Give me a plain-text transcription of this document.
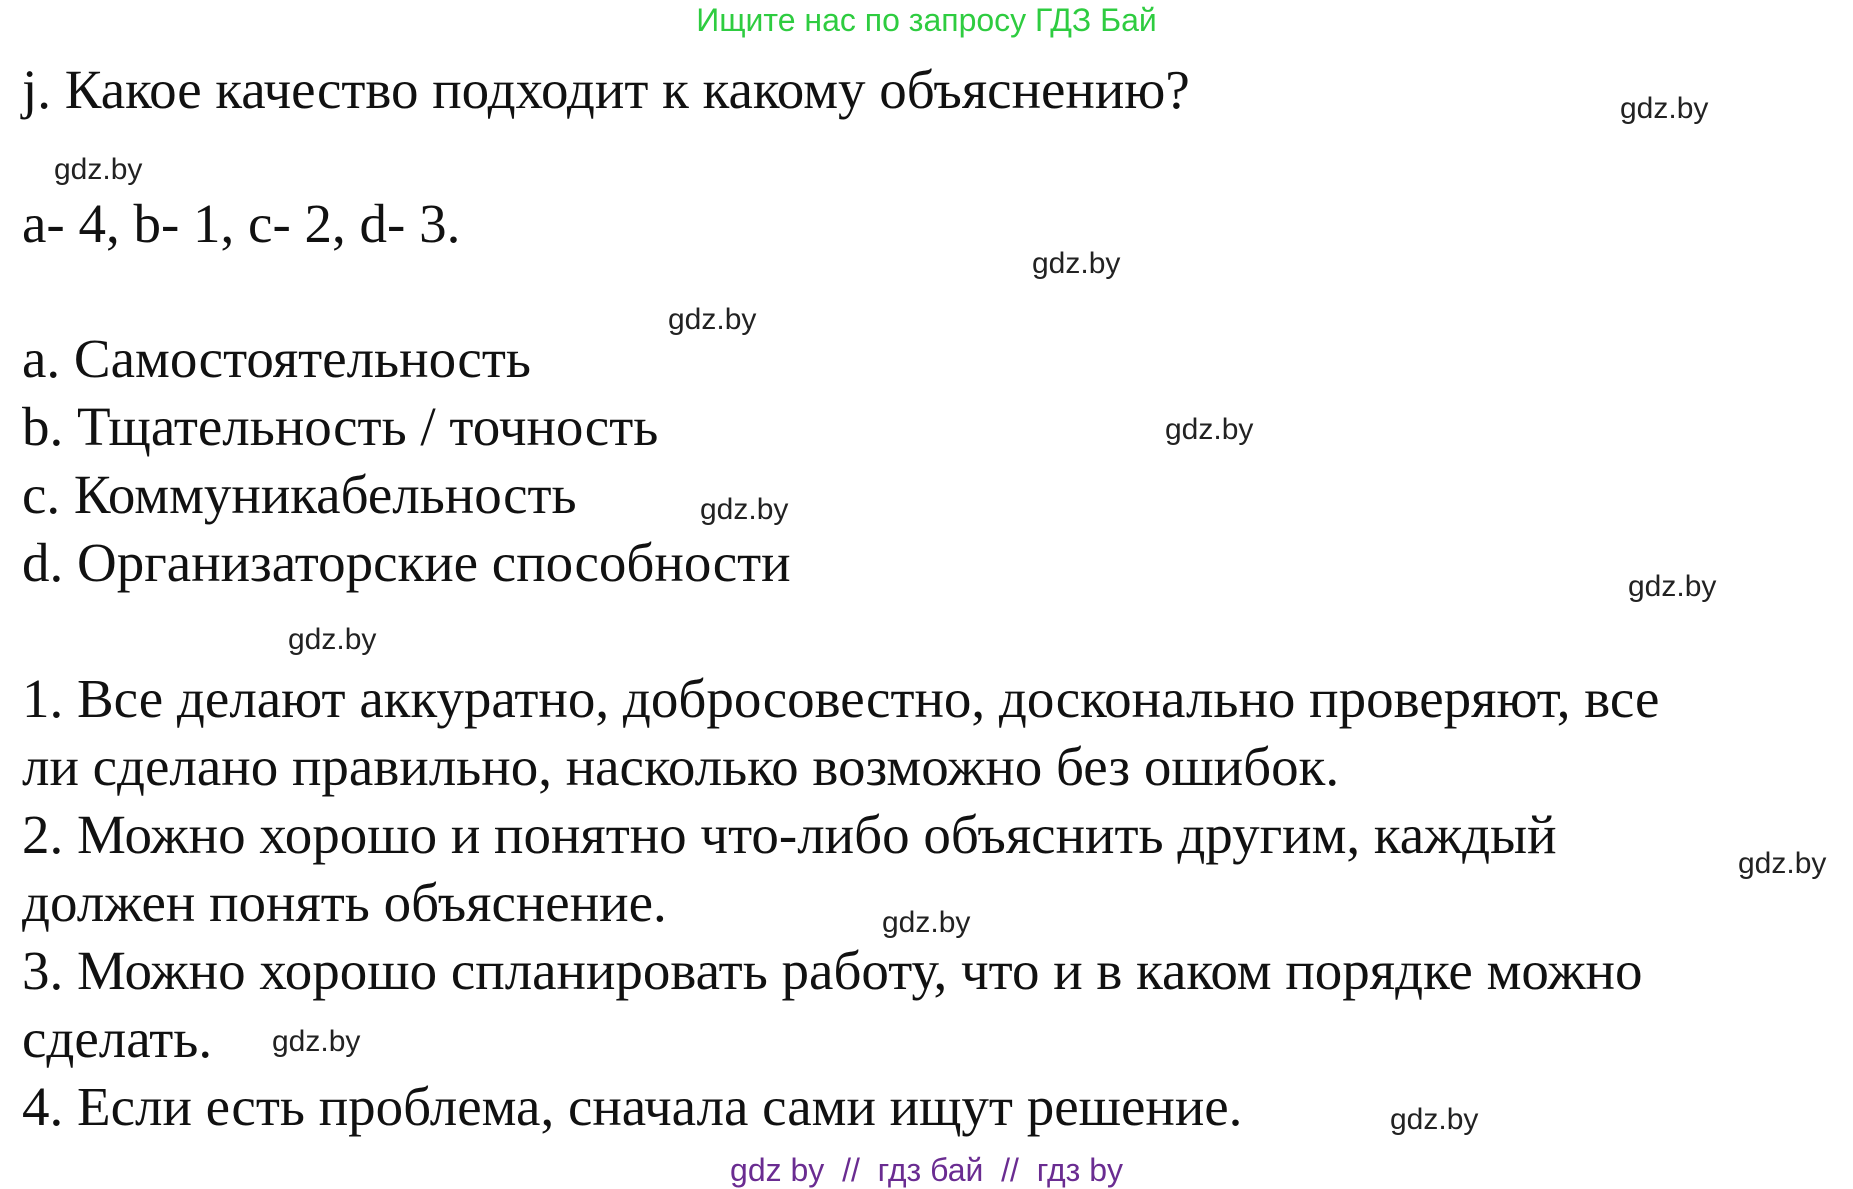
Ищите нас по запросу ГДЗ Бай
j. Какое качество подходит к какому объяснению?
a- 4, b- 1, c- 2, d- 3.
a. Самостоятельность
b. Тщательность / точность
c. Коммуникабельность
d. Организаторские способности
1. Все делают аккуратно, добросовестно, досконально проверяют, все
ли сделано правильно, насколько возможно без ошибок.
2. Можно хорошо и понятно что-либо объяснить другим, каждый
должен понять объяснение.
3. Можно хорошо спланировать работу, что и в каком порядке можно
сделать.
4. Если есть проблема, сначала сами ищут решение.
gdz.by
gdz.by
gdz.by
gdz.by
gdz.by
gdz.by
gdz.by
gdz.by
gdz.by
gdz.by
gdz.by
gdz.by
gdz by  //  гдз бай  //  гдз by
